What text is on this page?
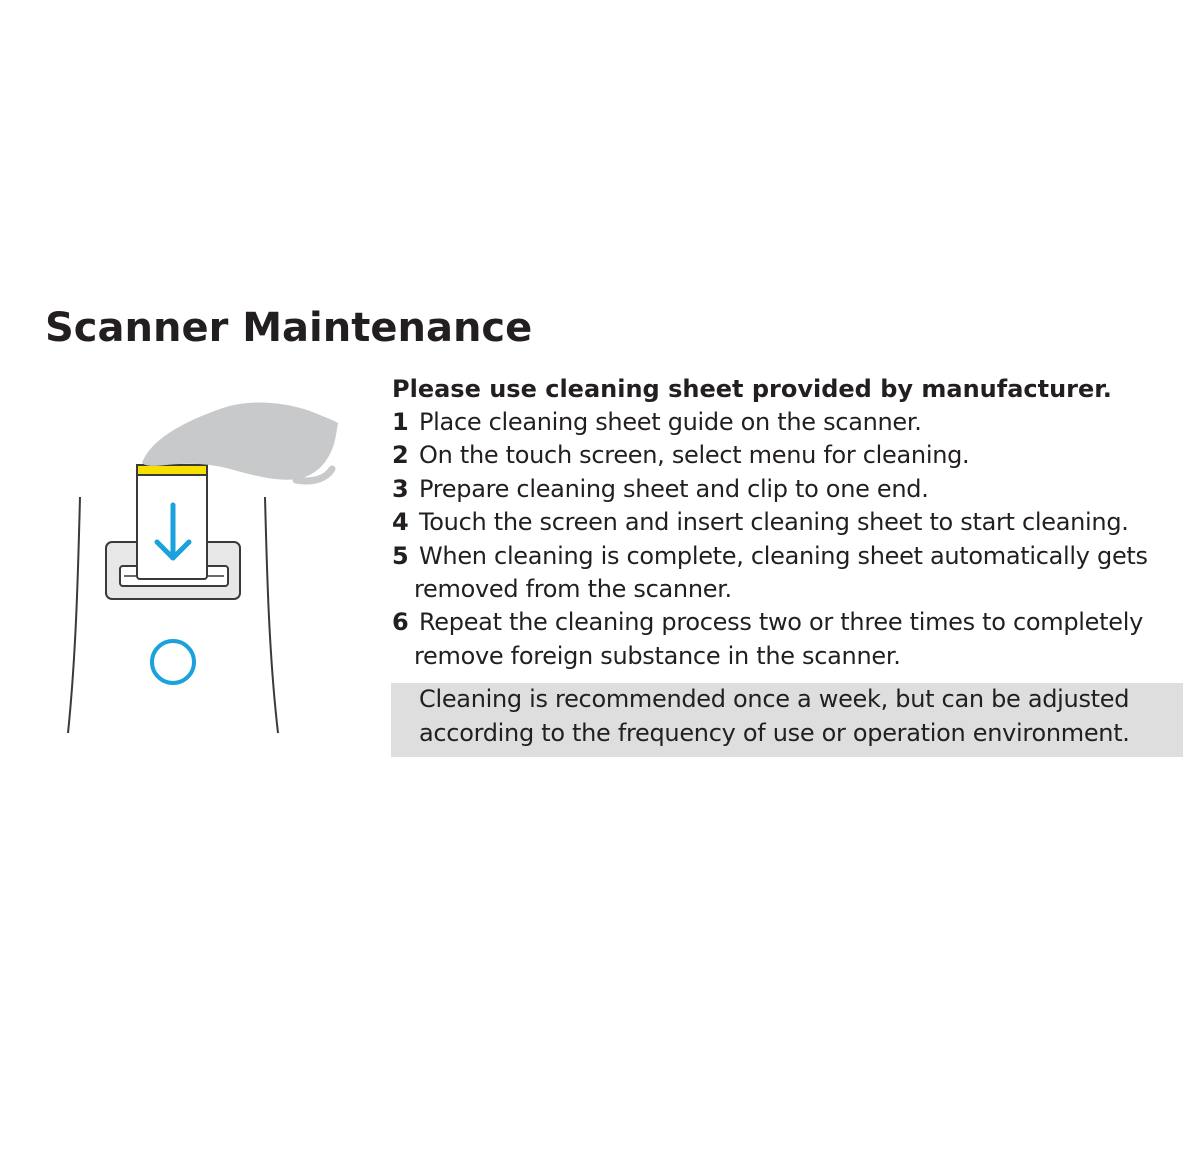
Scanner Maintenance

Please use cleaning sheet provided by manufacturer.

1 Place cleaning sheet guide on the scanner.
2 On the touch screen, select menu for cleaning.
3 Prepare cleaning sheet and clip to one end.
4 Touch the screen and insert cleaning sheet to start cleaning.
5 When cleaning is complete, cleaning sheet automatically gets
removed from the scanner.
6 Repeat the cleaning process two or three times to completely
remove foreign substance in the scanner.
Cleaning is recommended once a week, but can be adjusted
according to the frequency of use or operation environment.
